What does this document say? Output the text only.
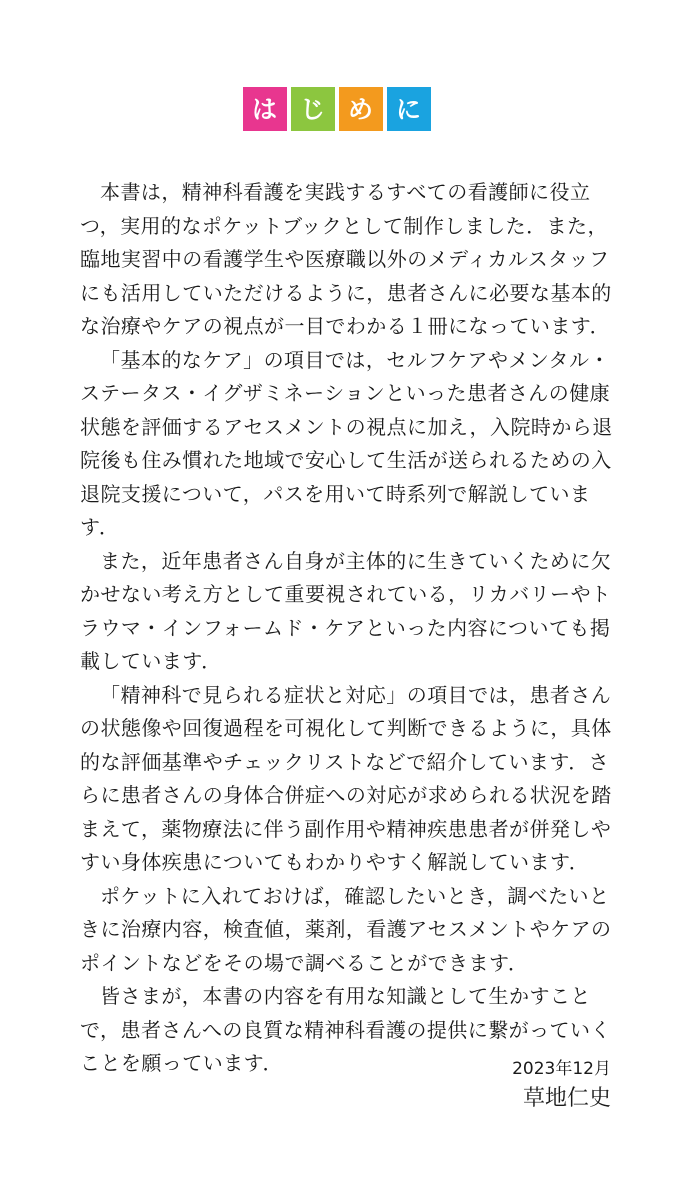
は じ め に

本書は，精神科看護を実践するすべての看護師に役立つ，実用的なポケットブックとして制作しました．また，臨地実習中の看護学生や医療職以外のメディカルスタッフにも活用していただけるように，患者さんに必要な基本的な治療やケアの視点が一目でわかる１冊になっています．

「基本的なケア」の項目では，セルフケアやメンタル・ステータス・イグザミネーションといった患者さんの健康状態を評価するアセスメントの視点に加え，入院時から退院後も住み慣れた地域で安心して生活が送られるための入退院支援について，パスを用いて時系列で解説しています．

また，近年患者さん自身が主体的に生きていくために欠かせない考え方として重要視されている，リカバリーやトラウマ・インフォームド・ケアといった内容についても掲載しています．

「精神科で見られる症状と対応」の項目では，患者さんの状態像や回復過程を可視化して判断できるように，具体的な評価基準やチェックリストなどで紹介しています．さらに患者さんの身体合併症への対応が求められる状況を踏まえて，薬物療法に伴う副作用や精神疾患患者が併発しやすい身体疾患についてもわかりやすく解説しています．

ポケットに入れておけば，確認したいとき，調べたいときに治療内容，検査値，薬剤，看護アセスメントやケアのポイントなどをその場で調べることができます．

皆さまが，本書の内容を有用な知識として生かすことで，患者さんへの良質な精神科看護の提供に繋がっていくことを願っています．	2023年12月
草地仁史
